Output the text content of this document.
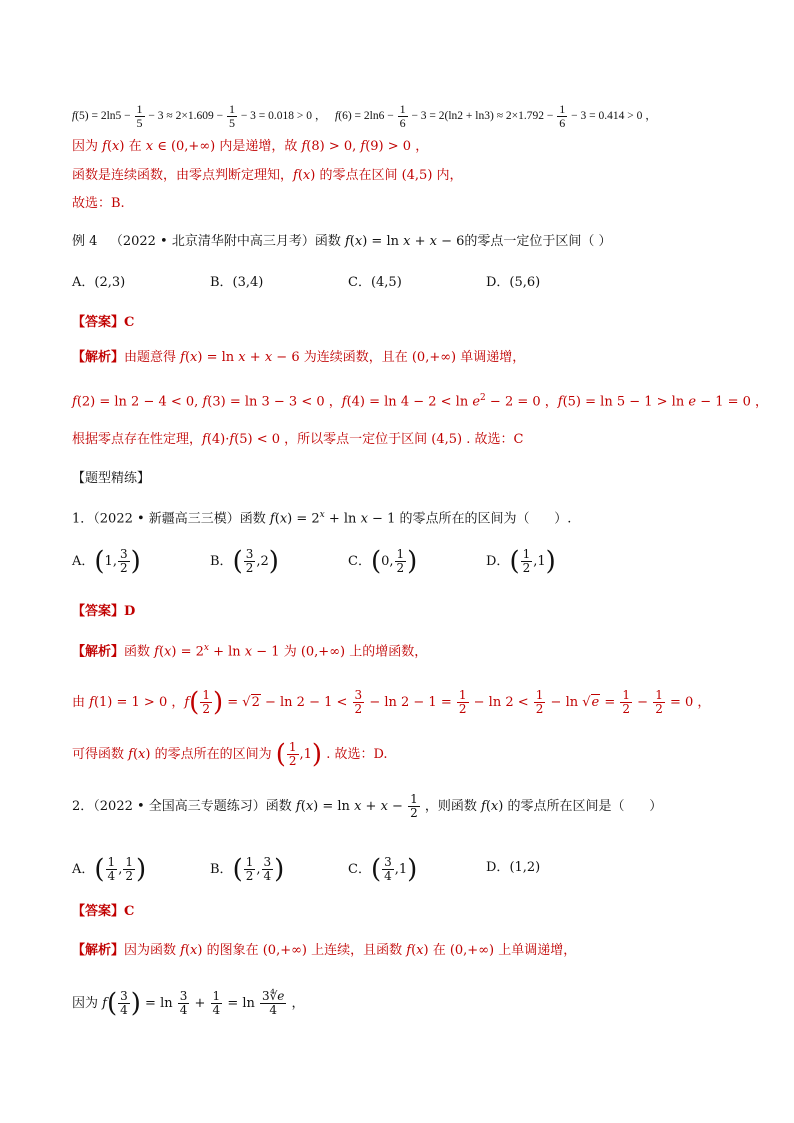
$f(5) = 2\ln 5 - \frac{1}{5} - 3 \approx 2\times 1.609 - \frac{1}{5} - 3 = 0.018 > 0$ ，   $f(6) = 2\ln 6 - \frac{1}{6} - 3 = 2(\ln 2 + \ln 3) \approx 2\times 1.792 - \frac{1}{6} - 3 = 0.414 > 0$ ，
因为 f(x) 在 x ∈ (0,+∞) 内是递增，故 f(8) > 0, f(9) > 0 ，
函数是连续函数，由零点判断定理知，f(x) 的零点在区间 (4,5) 内，
故选：B.
例 4 （2022 • 北京清华附中高三月考）函数 f(x) = ln x + x − 6的零点一定位于区间（ ）
A．(2,3)	B．(3,4)	C．(4,5)	D．(5,6)
【答案】C
【解析】由题意得 f(x) = ln x + x − 6 为连续函数，且在 (0,+∞) 单调递增，
f(2) = ln 2 − 4 < 0, f(3) = ln 3 − 3 < 0 ，$f(4) = \ln 4 - 2 < \ln e^2 - 2 = 0$ ，f(5) = ln 5 − 1 > ln e − 1 = 0 ，
根据零点存在性定理，f(4)·f(5) < 0 ，所以零点一定位于区间 (4,5) . 故选：C
【题型精练】
1．（2022 • 新疆高三三模）函数 $f(x) = 2^x + \ln x - 1$ 的零点所在的区间为（      ）.
A．(1, $\frac{3}{2}$ )	B．( $\frac{3}{2} ,2$)	C．(0, $\frac{1}{2}$ )	D．( $\frac{1}{2} ,1$)
【答案】D
【解析】函数 $f(x) = 2^x + \ln x - 1$ 为 (0,+∞) 上的增函数，
由 f(1) = 1 > 0 ，$f( \frac{1}{2}$ ) = $√2 - \ln 2 - 1 < \frac{3}{2} - \ln 2 - 1 = \frac{1}{2} - \ln 2 < \frac{1}{2} - \ln √e = \frac{1}{2} - \frac{1}{2} = 0$ ，
可得函数 f(x) 的零点所在的区间为 ( $\frac{1}{2} ,1$) . 故选：D.
2．（2022 • 全国高三专题练习）函数 $f(x) = \ln x + x - \frac{1}{2}$ ，则函数 f(x) 的零点所在区间是（      ）
A．( $\frac{1}{4}$ , $\frac{1}{2}$ )	B．( $\frac{1}{2}$ , $\frac{3}{4}$ )	C．( $\frac{3}{4} ,1$)	D．(1,2)
【答案】C
【解析】因为函数 f(x) 的图象在 (0,+∞) 上连续，且函数 f(x) 在 (0,+∞) 上单调递增，
因为 $f( \frac{3}{4}$ ) = $\ln \frac{3}{4} + \frac{1}{4} = \ln \frac{3∜e}{4}$ ，
